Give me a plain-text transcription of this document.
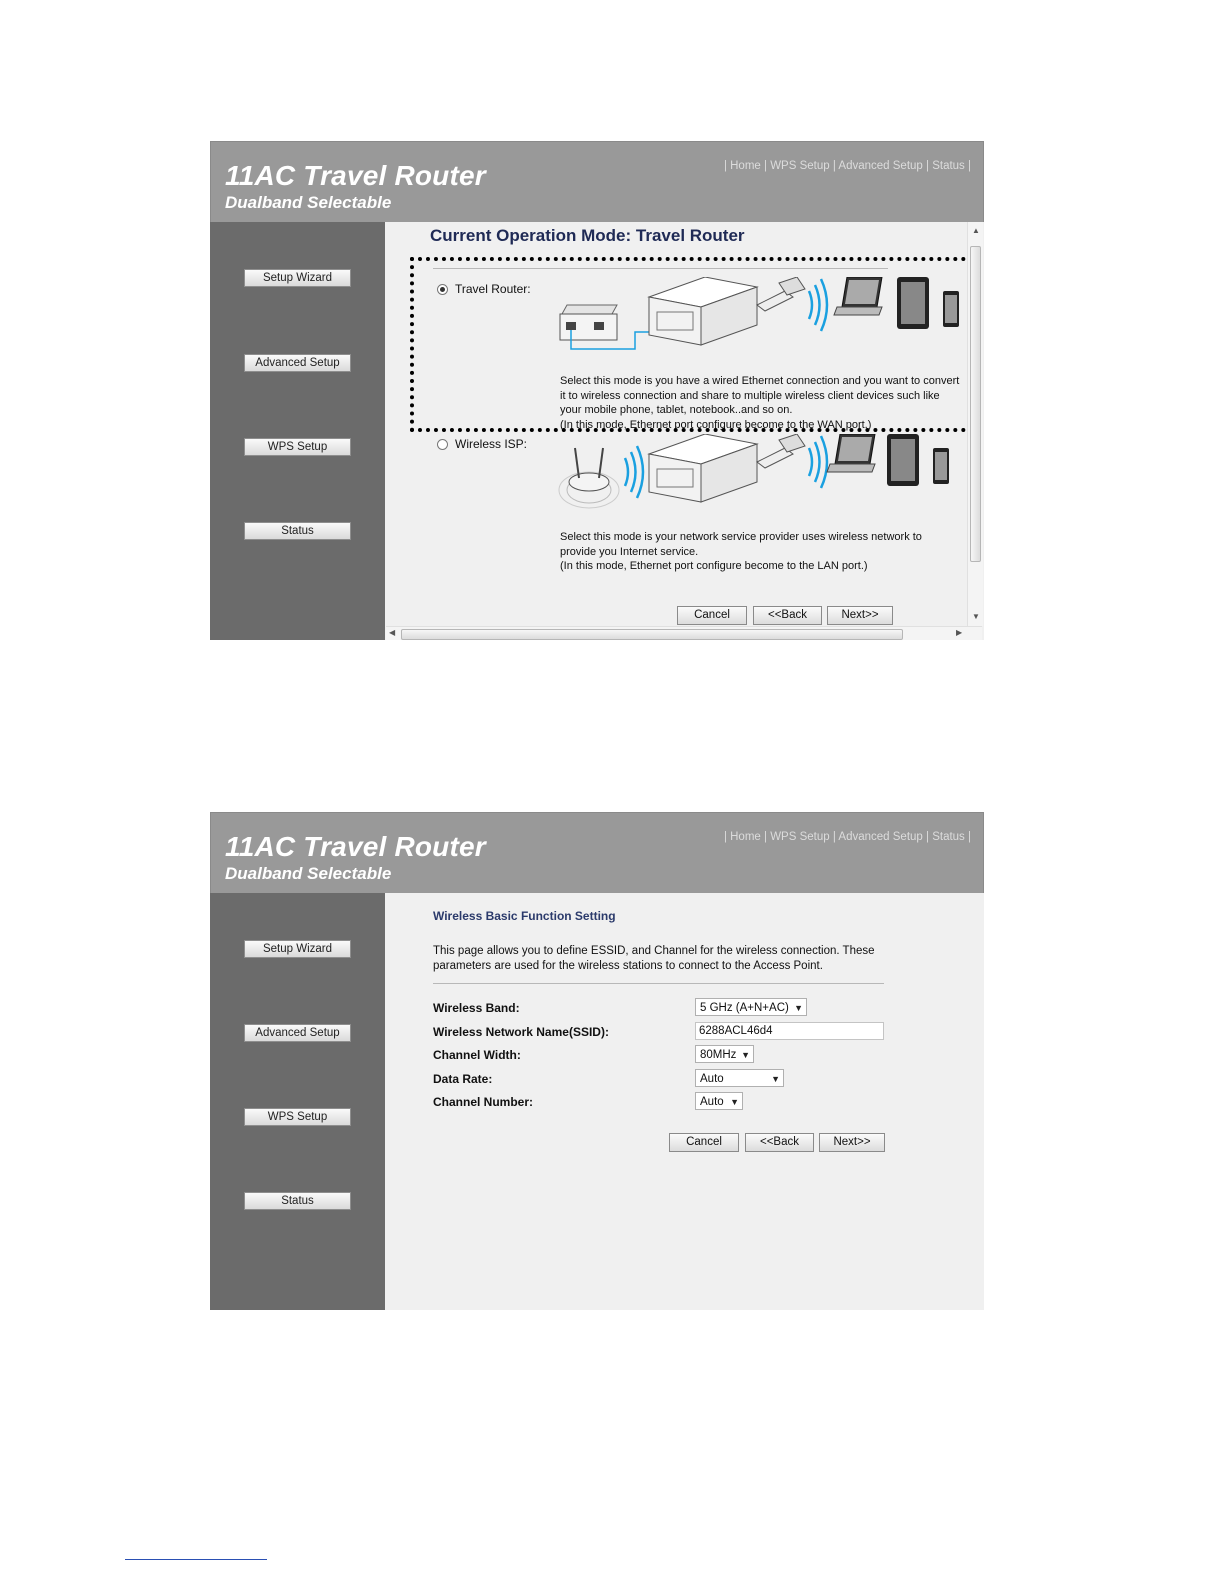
11AC Travel Router
Dualband Selectable
| Home | WPS Setup | Advanced Setup | Status |
Setup Wizard
Advanced Setup
WPS Setup
Status
Current Operation Mode: Travel Router
Travel Router:
Select this mode is you have a wired Ethernet connection and you want to convert it to wireless connection and share to multiple wireless client devices such like your mobile phone, tablet, notebook..and so on.
(In this mode, Ethernet port configure become to the WAN port.)
Wireless ISP:
Select this mode is your network service provider uses wireless network to provide you Internet service.
(In this mode, Ethernet port configure become to the LAN port.)
Cancel	<<Back	Next>>
▲
▼
◀	▶
11AC Travel Router
Dualband Selectable
| Home | WPS Setup | Advanced Setup | Status |
Setup Wizard
Advanced Setup
WPS Setup
Status
Wireless Basic Function Setting
This page allows you to define ESSID, and Channel for the wireless connection. These parameters are used for the wireless stations to connect to the Access Point.
Wireless Band:	5 GHz (A+N+AC) ▼
Wireless Network Name(SSID):
6288ACL46d4
Channel Width:	80MHz ▼
Data Rate:	Auto	▼
Channel Number:	Auto ▼
Cancel	<<Back	Next>>
